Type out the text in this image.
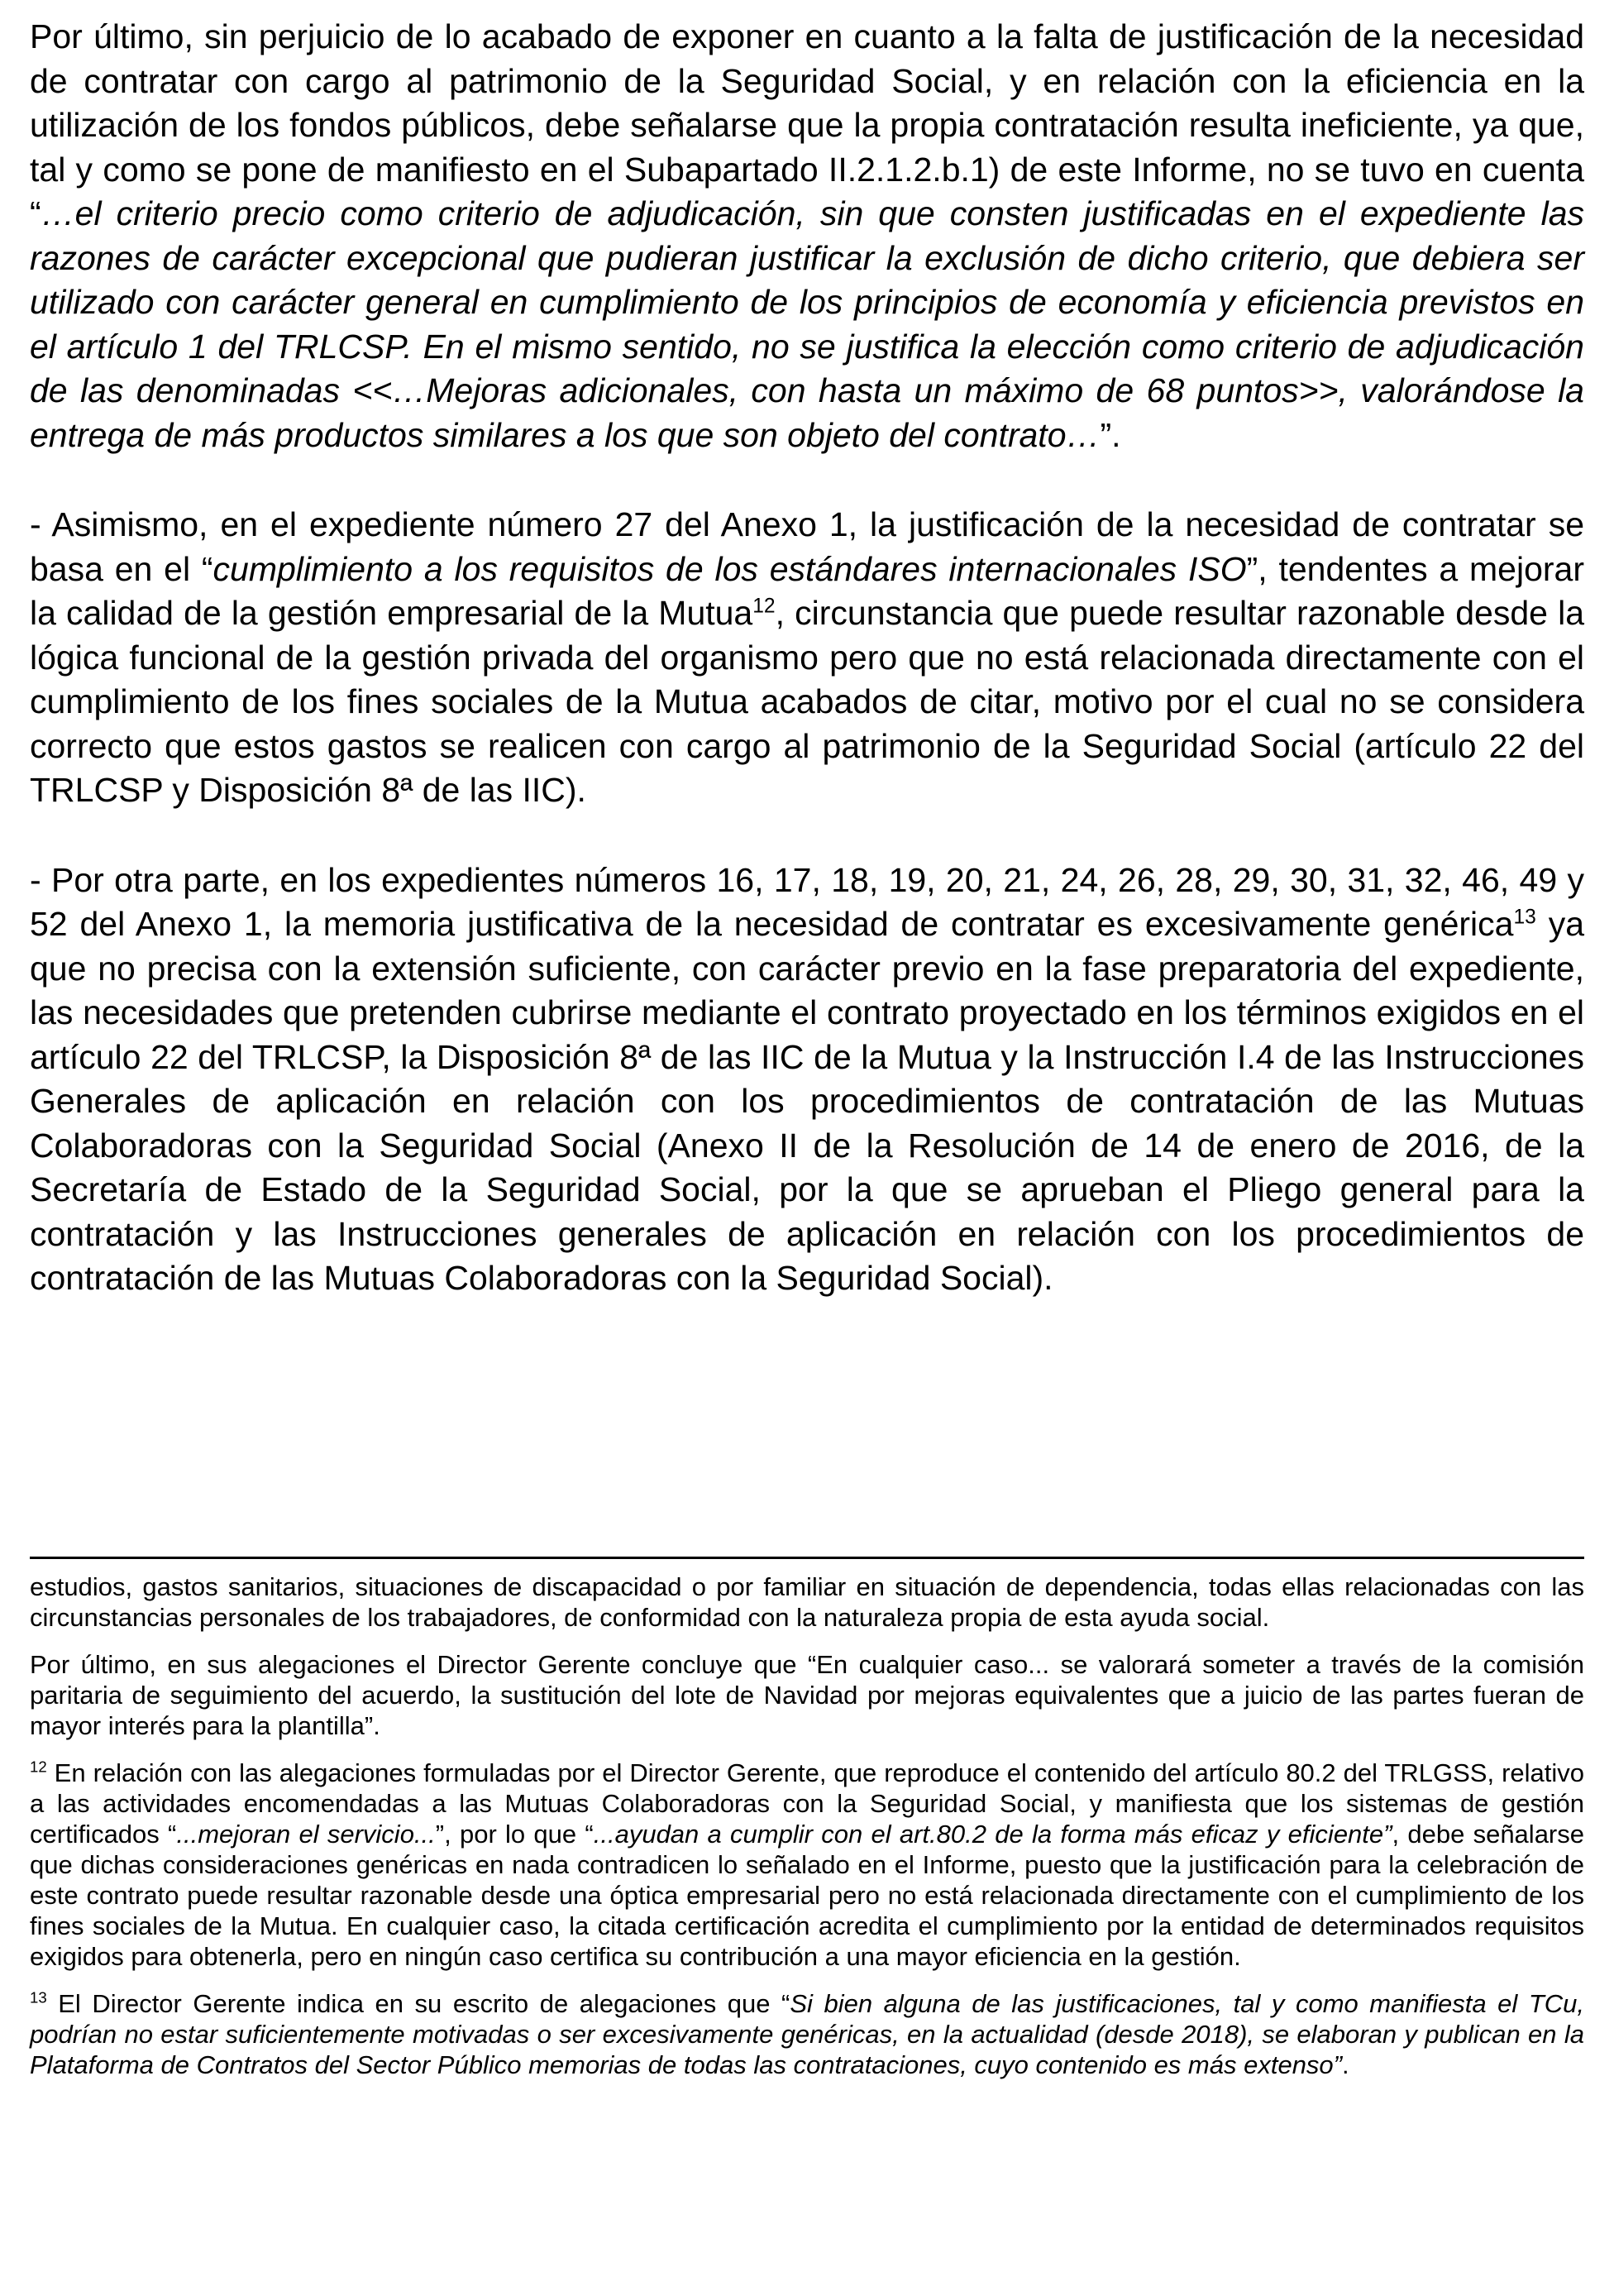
Por último, sin perjuicio de lo acabado de exponer en cuanto a la falta de justificación de la necesidad de contratar con cargo al patrimonio de la Seguridad Social, y en relación con la eficiencia en la utilización de los fondos públicos, debe señalarse que la propia contratación resulta ineficiente, ya que, tal y como se pone de manifiesto en el Subapartado II.2.1.2.b.1) de este Informe, no se tuvo en cuenta “…el criterio precio como criterio de adjudicación, sin que consten justificadas en el expediente las razones de carácter excepcional que pudieran justificar la exclusión de dicho criterio, que debiera ser utilizado con carácter general en cumplimiento de los principios de economía y eficiencia previstos en el artículo 1 del TRLCSP. En el mismo sentido, no se justifica la elección como criterio de adjudicación de las denominadas <<…Mejoras adicionales, con hasta un máximo de 68 puntos>>, valorándose la entrega de más productos similares a los que son objeto del contrato…”.

- Asimismo, en el expediente número 27 del Anexo 1, la justificación de la necesidad de contratar se basa en el “cumplimiento a los requisitos de los estándares internacionales ISO”, tendentes a mejorar la calidad de la gestión empresarial de la Mutua$^{12}$, circunstancia que puede resultar razonable desde la lógica funcional de la gestión privada del organismo pero que no está relacionada directamente con el cumplimiento de los fines sociales de la Mutua acabados de citar, motivo por el cual no se considera correcto que estos gastos se realicen con cargo al patrimonio de la Seguridad Social (artículo 22 del TRLCSP y Disposición 8ª de las IIC).

- Por otra parte, en los expedientes números 16, 17, 18, 19, 20, 21, 24, 26, 28, 29, 30, 31, 32, 46, 49 y 52 del Anexo 1, la memoria justificativa de la necesidad de contratar es excesivamente genérica$^{13}$ ya que no precisa con la extensión suficiente, con carácter previo en la fase preparatoria del expediente, las necesidades que pretenden cubrirse mediante el contrato proyectado en los términos exigidos en el artículo 22 del TRLCSP, la Disposición 8ª de las IIC de la Mutua y la Instrucción I.4 de las Instrucciones Generales de aplicación en relación con los procedimientos de contratación de las Mutuas Colaboradoras con la Seguridad Social (Anexo II de la Resolución de 14 de enero de 2016, de la Secretaría de Estado de la Seguridad Social, por la que se aprueban el Pliego general para la contratación y las Instrucciones generales de aplicación en relación con los procedimientos de contratación de las Mutuas Colaboradoras con la Seguridad Social).

estudios, gastos sanitarios, situaciones de discapacidad o por familiar en situación de dependencia, todas ellas relacionadas con las circunstancias personales de los trabajadores, de conformidad con la naturaleza propia de esta ayuda social.

Por último, en sus alegaciones el Director Gerente concluye que “En cualquier caso... se valorará someter a través de la comisión paritaria de seguimiento del acuerdo, la sustitución del lote de Navidad por mejoras equivalentes que a juicio de las partes fueran de mayor interés para la plantilla”.

$^{12}$ En relación con las alegaciones formuladas por el Director Gerente, que reproduce el contenido del artículo 80.2 del TRLGSS, relativo a las actividades encomendadas a las Mutuas Colaboradoras con la Seguridad Social, y manifiesta que los sistemas de gestión certificados “...mejoran el servicio...”, por lo que “...ayudan a cumplir con el art.80.2 de la forma más eficaz y eficiente”, debe señalarse que dichas consideraciones genéricas en nada contradicen lo señalado en el Informe, puesto que la justificación para la celebración de este contrato puede resultar razonable desde una óptica empresarial pero no está relacionada directamente con el cumplimiento de los fines sociales de la Mutua. En cualquier caso, la citada certificación acredita el cumplimiento por la entidad de determinados requisitos exigidos para obtenerla, pero en ningún caso certifica su contribución a una mayor eficiencia en la gestión.

$^{13}$ El Director Gerente indica en su escrito de alegaciones que “Si bien alguna de las justificaciones, tal y como manifiesta el TCu, podrían no estar suficientemente motivadas o ser excesivamente genéricas, en la actualidad (desde 2018), se elaboran y publican en la Plataforma de Contratos del Sector Público memorias de todas las contrataciones, cuyo contenido es más extenso”.
